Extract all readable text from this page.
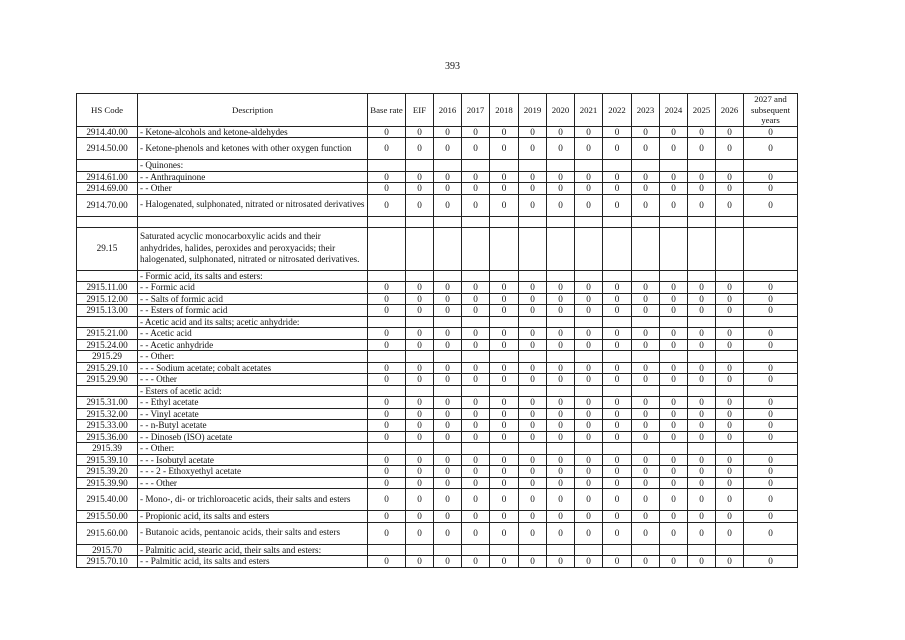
393
HS Code	Description	Base rate	EIF	2016	2017	2018	2019	2020	2021	2022	2023	2024	2025	2026	2027 and subsequent years
2914.40.00	- Ketone-alcohols and ketone-aldehydes	0	0	0	0	0	0	0	0	0	0	0	0	0	0
2914.50.00	- Ketone-phenols and ketones with other oxygen function	0	0	0	0	0	0	0	0	0	0	0	0	0	0
	- Quinones:														
2914.61.00	- - Anthraquinone	0	0	0	0	0	0	0	0	0	0	0	0	0	0
2914.69.00	- - Other	0	0	0	0	0	0	0	0	0	0	0	0	0	0
2914.70.00	- Halogenated, sulphonated, nitrated or nitrosated derivatives	0	0	0	0	0	0	0	0	0	0	0	0	0	0

29.15	Saturated acyclic monocarboxylic acids and their anhydrides, halides, peroxides and peroxyacids; their halogenated, sulphonated, nitrated or nitrosated derivatives.														
	- Formic acid, its salts and esters:														
2915.11.00	- - Formic acid	0	0	0	0	0	0	0	0	0	0	0	0	0	0
2915.12.00	- - Salts of formic acid	0	0	0	0	0	0	0	0	0	0	0	0	0	0
2915.13.00	- - Esters of formic acid	0	0	0	0	0	0	0	0	0	0	0	0	0	0
	- Acetic acid and its salts; acetic anhydride:														
2915.21.00	- - Acetic acid	0	0	0	0	0	0	0	0	0	0	0	0	0	0
2915.24.00	- - Acetic anhydride	0	0	0	0	0	0	0	0	0	0	0	0	0	0
2915.29	- - Other:														
2915.29.10	- - - Sodium acetate; cobalt acetates	0	0	0	0	0	0	0	0	0	0	0	0	0	0
2915.29.90	- - - Other	0	0	0	0	0	0	0	0	0	0	0	0	0	0
	- Esters of acetic acid:														
2915.31.00	- - Ethyl acetate	0	0	0	0	0	0	0	0	0	0	0	0	0	0
2915.32.00	- - Vinyl acetate	0	0	0	0	0	0	0	0	0	0	0	0	0	0
2915.33.00	- - n-Butyl acetate	0	0	0	0	0	0	0	0	0	0	0	0	0	0
2915.36.00	- - Dinoseb (ISO) acetate	0	0	0	0	0	0	0	0	0	0	0	0	0	0
2915.39	- - Other:														
2915.39.10	- - - Isobutyl acetate	0	0	0	0	0	0	0	0	0	0	0	0	0	0
2915.39.20	- - - 2 - Ethoxyethyl acetate	0	0	0	0	0	0	0	0	0	0	0	0	0	0
2915.39.90	- - - Other	0	0	0	0	0	0	0	0	0	0	0	0	0	0
2915.40.00	- Mono-, di- or trichloroacetic acids, their salts and esters	0	0	0	0	0	0	0	0	0	0	0	0	0	0
2915.50.00	- Propionic acid, its salts and esters	0	0	0	0	0	0	0	0	0	0	0	0	0	0
2915.60.00	- Butanoic acids, pentanoic acids, their salts and esters	0	0	0	0	0	0	0	0	0	0	0	0	0	0
2915.70	- Palmitic acid, stearic acid, their salts and esters:														
2915.70.10	- - Palmitic acid, its salts and esters	0	0	0	0	0	0	0	0	0	0	0	0	0	0
